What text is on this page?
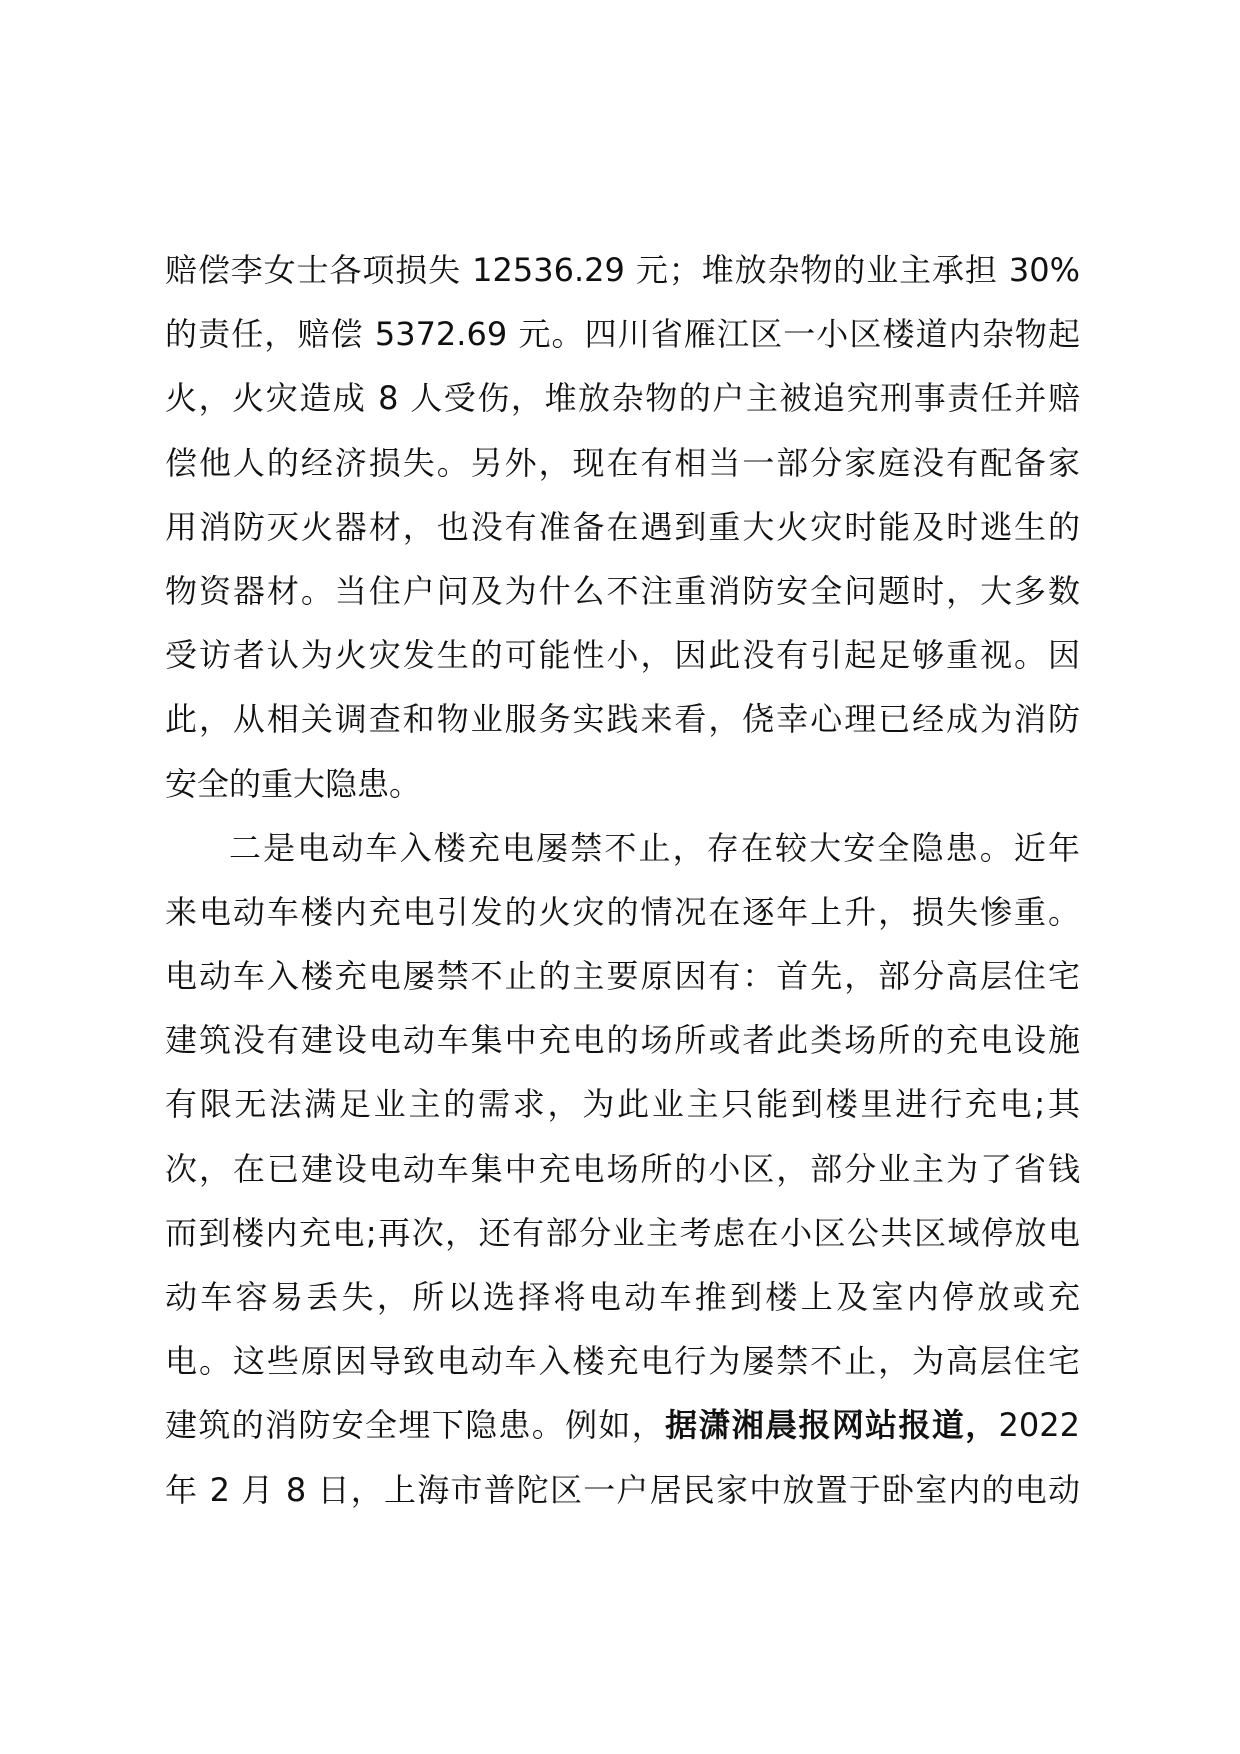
赔偿李女士各项损失 12536.29 元；堆放杂物的业主承担 30%
的责任，赔偿 5372.69 元。四川省雁江区一小区楼道内杂物起
火，火灾造成 8 人受伤，堆放杂物的户主被追究刑事责任并赔
偿他人的经济损失。另外，现在有相当一部分家庭没有配备家
用消防灭火器材，也没有准备在遇到重大火灾时能及时逃生的
物资器材。当住户问及为什么不注重消防安全问题时，大多数
受访者认为火灾发生的可能性小，因此没有引起足够重视。因
此，从相关调查和物业服务实践来看，侥幸心理已经成为消防
安全的重大隐患。
二是电动车入楼充电屡禁不止，存在较大安全隐患。近年
来电动车楼内充电引发的火灾的情况在逐年上升，损失惨重。
电动车入楼充电屡禁不止的主要原因有：首先，部分高层住宅
建筑没有建设电动车集中充电的场所或者此类场所的充电设施
有限无法满足业主的需求，为此业主只能到楼里进行充电;其
次，在已建设电动车集中充电场所的小区，部分业主为了省钱
而到楼内充电;再次，还有部分业主考虑在小区公共区域停放电
动车容易丢失，所以选择将电动车推到楼上及室内停放或充
电。这些原因导致电动车入楼充电行为屡禁不止，为高层住宅
建筑的消防安全埋下隐患。例如，据潇湘晨报网站报道，2022
年 2 月 8 日，上海市普陀区一户居民家中放置于卧室内的电动
